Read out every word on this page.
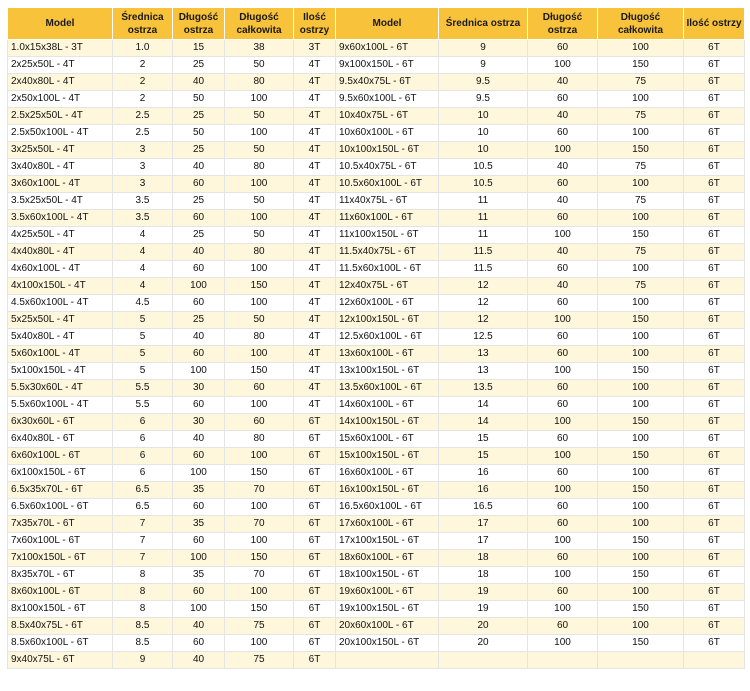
Model	Średnica ostrza	Długość ostrza	Długość całkowita	Ilość ostrzy	Model	Średnica ostrza	Długość ostrza	Długość całkowita	Ilość ostrzy
1.0x15x38L - 3T	1.0	15	38	3T	9x60x100L - 6T	9	60	100	6T
2x25x50L - 4T	2	25	50	4T	9x100x150L - 6T	9	100	150	6T
2x40x80L - 4T	2	40	80	4T	9.5x40x75L - 6T	9.5	40	75	6T
2x50x100L - 4T	2	50	100	4T	9.5x60x100L - 6T	9.5	60	100	6T
2.5x25x50L - 4T	2.5	25	50	4T	10x40x75L - 6T	10	40	75	6T
2.5x50x100L - 4T	2.5	50	100	4T	10x60x100L - 6T	10	60	100	6T
3x25x50L - 4T	3	25	50	4T	10x100x150L - 6T	10	100	150	6T
3x40x80L - 4T	3	40	80	4T	10.5x40x75L - 6T	10.5	40	75	6T
3x60x100L - 4T	3	60	100	4T	10.5x60x100L - 6T	10.5	60	100	6T
3.5x25x50L - 4T	3.5	25	50	4T	11x40x75L - 6T	11	40	75	6T
3.5x60x100L - 4T	3.5	60	100	4T	11x60x100L - 6T	11	60	100	6T
4x25x50L - 4T	4	25	50	4T	11x100x150L - 6T	11	100	150	6T
4x40x80L - 4T	4	40	80	4T	11.5x40x75L - 6T	11.5	40	75	6T
4x60x100L - 4T	4	60	100	4T	11.5x60x100L - 6T	11.5	60	100	6T
4x100x150L - 4T	4	100	150	4T	12x40x75L - 6T	12	40	75	6T
4.5x60x100L - 4T	4.5	60	100	4T	12x60x100L - 6T	12	60	100	6T
5x25x50L - 4T	5	25	50	4T	12x100x150L - 6T	12	100	150	6T
5x40x80L - 4T	5	40	80	4T	12.5x60x100L - 6T	12.5	60	100	6T
5x60x100L - 4T	5	60	100	4T	13x60x100L - 6T	13	60	100	6T
5x100x150L - 4T	5	100	150	4T	13x100x150L - 6T	13	100	150	6T
5.5x30x60L - 4T	5.5	30	60	4T	13.5x60x100L - 6T	13.5	60	100	6T
5.5x60x100L - 4T	5.5	60	100	4T	14x60x100L - 6T	14	60	100	6T
6x30x60L - 6T	6	30	60	6T	14x100x150L - 6T	14	100	150	6T
6x40x80L - 6T	6	40	80	6T	15x60x100L - 6T	15	60	100	6T
6x60x100L - 6T	6	60	100	6T	15x100x150L - 6T	15	100	150	6T
6x100x150L - 6T	6	100	150	6T	16x60x100L - 6T	16	60	100	6T
6.5x35x70L - 6T	6.5	35	70	6T	16x100x150L - 6T	16	100	150	6T
6.5x60x100L - 6T	6.5	60	100	6T	16.5x60x100L - 6T	16.5	60	100	6T
7x35x70L - 6T	7	35	70	6T	17x60x100L - 6T	17	60	100	6T
7x60x100L - 6T	7	60	100	6T	17x100x150L - 6T	17	100	150	6T
7x100x150L - 6T	7	100	150	6T	18x60x100L - 6T	18	60	100	6T
8x35x70L - 6T	8	35	70	6T	18x100x150L - 6T	18	100	150	6T
8x60x100L - 6T	8	60	100	6T	19x60x100L - 6T	19	60	100	6T
8x100x150L - 6T	8	100	150	6T	19x100x150L - 6T	19	100	150	6T
8.5x40x75L - 6T	8.5	40	75	6T	20x60x100L - 6T	20	60	100	6T
8.5x60x100L - 6T	8.5	60	100	6T	20x100x150L - 6T	20	100	150	6T
9x40x75L - 6T	9	40	75	6T					
